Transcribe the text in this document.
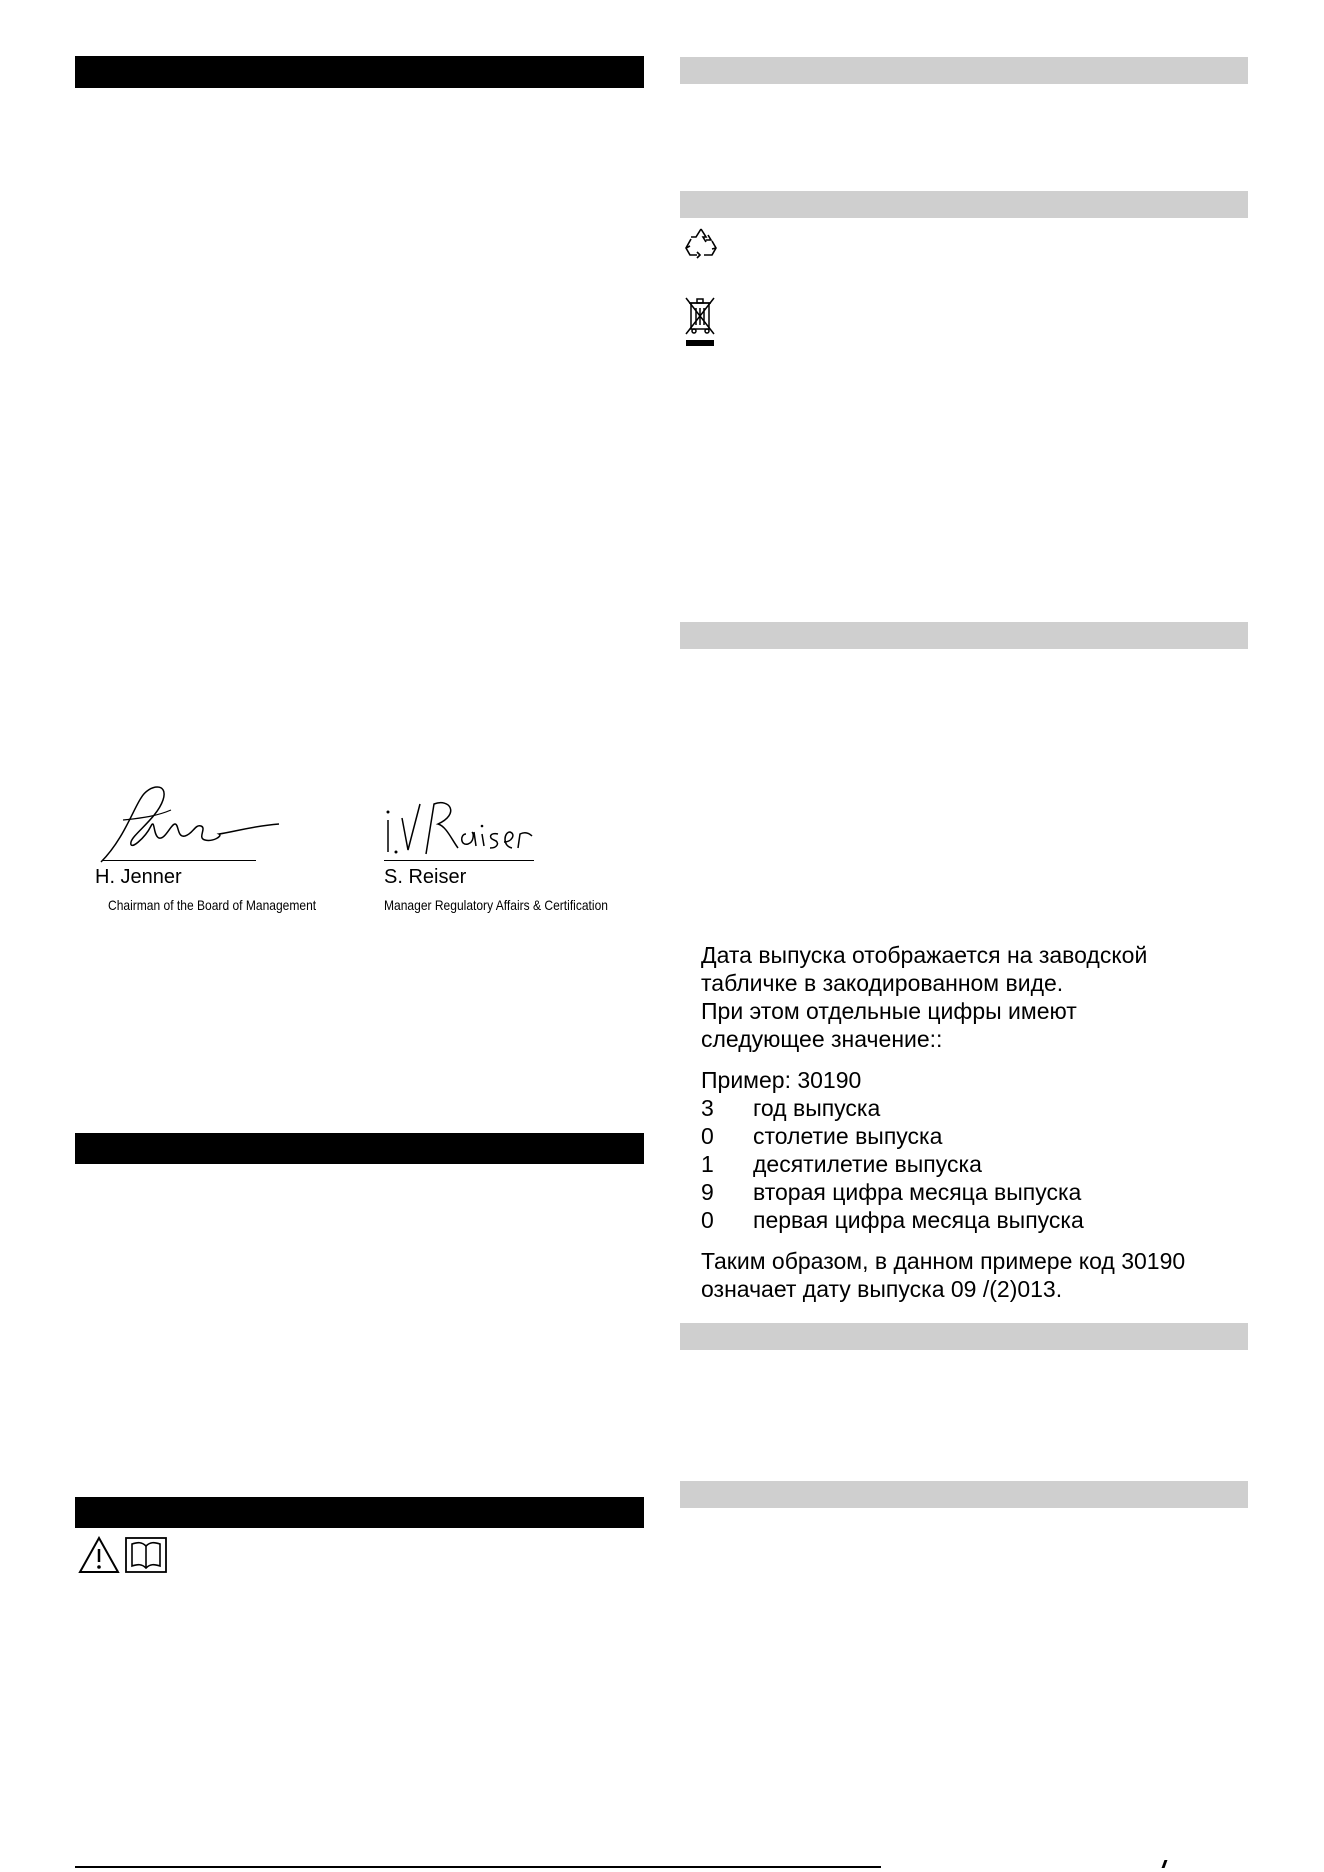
H. Jenner
Chairman of the Board of Management
S. Reiser
Manager Regulatory Affairs & Certification

Дата выпуска отображается на заводской

табличке в закодированном виде.

При этом отдельные цифры имеют

следующее значение::

Пример: 30190

3	год выпуска
0	столетие выпуска
1	десятилетие выпуска
9	вторая цифра месяца выпуска
0	первая цифра месяца выпуска

Таким образом, в данном примере код 30190

означает дату выпуска 09 /(2)013.
